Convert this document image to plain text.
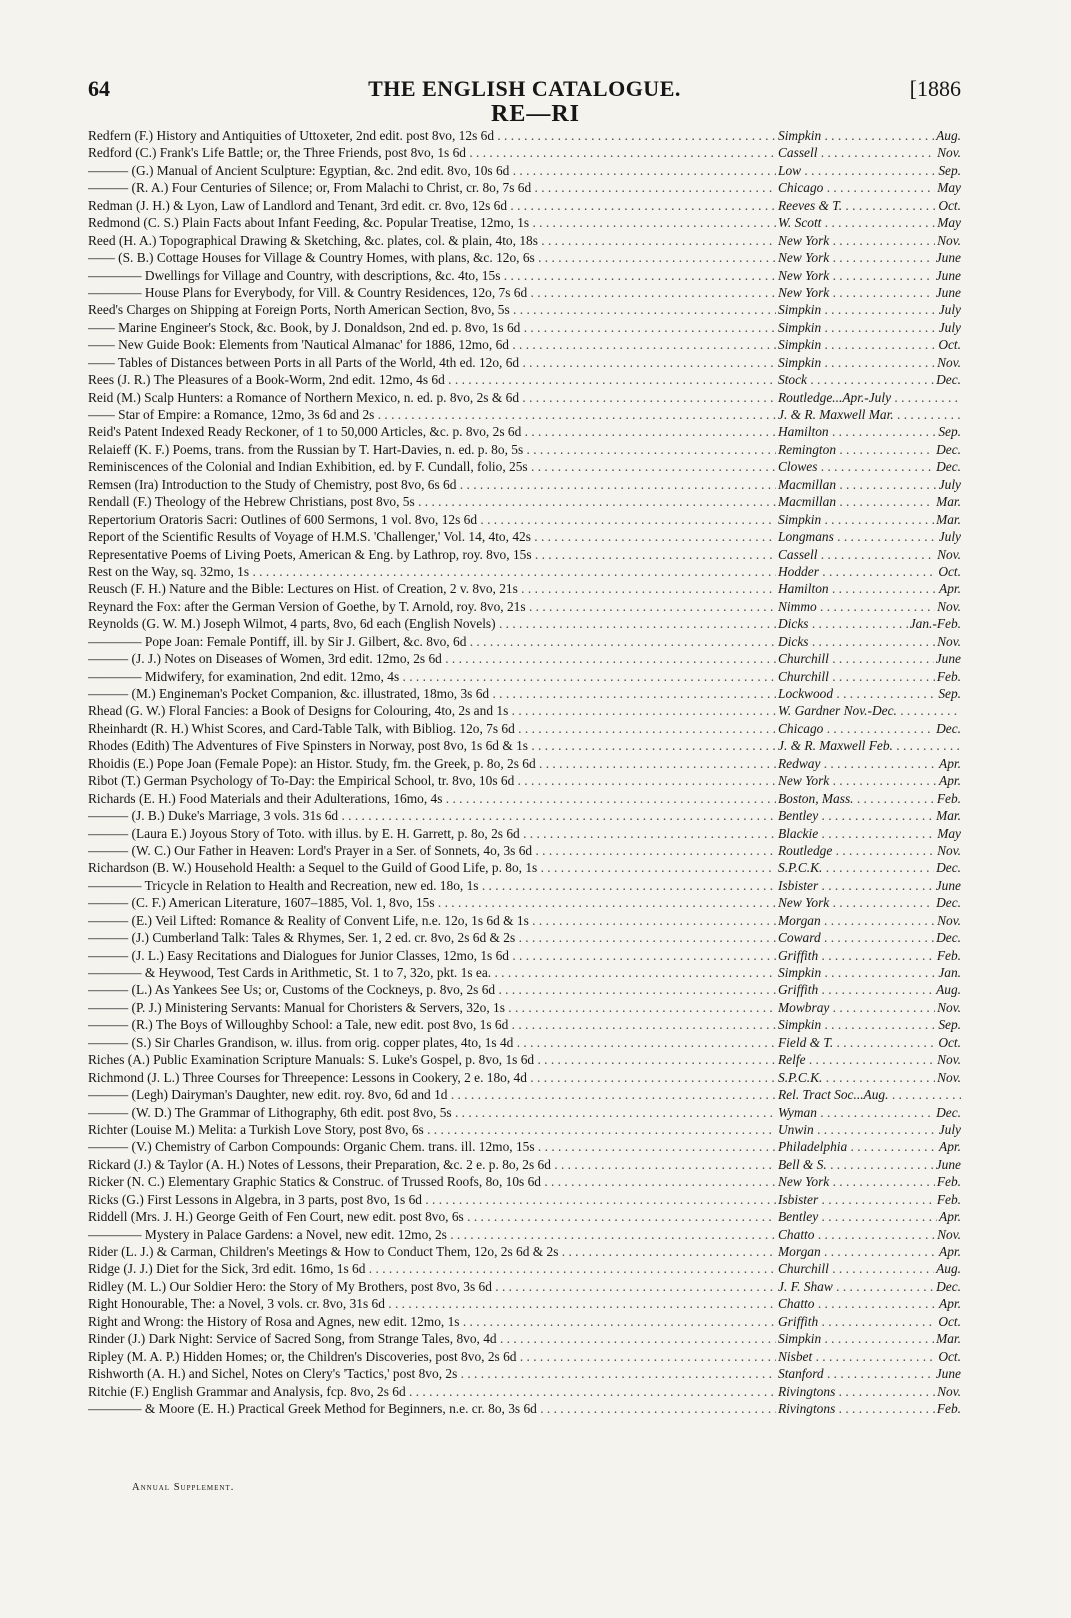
64	THE ENGLISH CATALOGUE.	[1886
RE—RI
Redfern (F.) History and Antiquities of Uttoxeter, 2nd edit. post 8vo, 12s 6d . . .	Simpkin . . .	Aug.
Redford (C.) Frank's Life Battle; or, the Three Friends, post 8vo, 1s 6d . . .	Cassell . . .	Nov.
——— (G.) Manual of Ancient Sculpture: Egyptian, &c. 2nd edit. 8vo, 10s 6d . . .	Low . . .	Sep.
——— (R. A.) Four Centuries of Silence; or, From Malachi to Christ, cr. 8o, 7s 6d . . .	Chicago . . .	May
Redman (J. H.) & Lyon, Law of Landlord and Tenant, 3rd edit. cr. 8vo, 12s 6d . . .	Reeves & T. . . .	Oct.
Redmond (C. S.) Plain Facts about Infant Feeding, &c. Popular Treatise, 12mo, 1s . . .	W. Scott . . .	May
Reed (H. A.) Topographical Drawing & Sketching, &c. plates, col. & plain, 4to, 18s . . .	New York . . .	Nov.
—— (S. B.) Cottage Houses for Village & Country Homes, with plans, &c. 12o, 6s . . .	New York . . .	June
———— Dwellings for Village and Country, with descriptions, &c. 4to, 15s . . .	New York . . .	June
———— House Plans for Everybody, for Vill. & Country Residences, 12o, 7s 6d . . .	New York . . .	June
Reed's Charges on Shipping at Foreign Ports, North American Section, 8vo, 5s . . .	Simpkin . . .	July
—— Marine Engineer's Stock, &c. Book, by J. Donaldson, 2nd ed. p. 8vo, 1s 6d . . .	Simpkin . . .	July
—— New Guide Book: Elements from 'Nautical Almanac' for 1886, 12mo, 6d . . .	Simpkin . . .	Oct.
—— Tables of Distances between Ports in all Parts of the World, 4th ed. 12o, 6d . . .	Simpkin . . .	Nov.
Rees (J. R.) The Pleasures of a Book-Worm, 2nd edit. 12mo, 4s 6d . . .	Stock . . .	Dec.
Reid (M.) Scalp Hunters: a Romance of Northern Mexico, n. ed. p. 8vo, 2s & 6d . . .	Routledge...Apr.-July . . .
—— Star of Empire: a Romance, 12mo, 3s 6d and 2s . . .	J. & R. Maxwell Mar. . . .
Reid's Patent Indexed Ready Reckoner, of 1 to 50,000 Articles, &c. p. 8vo, 2s 6d . . .	Hamilton . . .	Sep.
Relaieff (K. F.) Poems, trans. from the Russian by T. Hart-Davies, n. ed. p. 8o, 5s . . .	Remington . . .	Dec.
Reminiscences of the Colonial and Indian Exhibition, ed. by F. Cundall, folio, 25s . . .	Clowes . . .	Dec.
Remsen (Ira) Introduction to the Study of Chemistry, post 8vo, 6s 6d . . .	Macmillan . . .	July
Rendall (F.) Theology of the Hebrew Christians, post 8vo, 5s . . .	Macmillan . . .	Mar.
Repertorium Oratoris Sacri: Outlines of 600 Sermons, 1 vol. 8vo, 12s 6d . . .	Simpkin . . .	Mar.
Report of the Scientific Results of Voyage of H.M.S. 'Challenger,' Vol. 14, 4to, 42s . . .	Longmans . . .	July
Representative Poems of Living Poets, American & Eng. by Lathrop, roy. 8vo, 15s . . .	Cassell . . .	Nov.
Rest on the Way, sq. 32mo, 1s . . .	Hodder . . .	Oct.
Reusch (F. H.) Nature and the Bible: Lectures on Hist. of Creation, 2 v. 8vo, 21s . . .	Hamilton . . .	Apr.
Reynard the Fox: after the German Version of Goethe, by T. Arnold, roy. 8vo, 21s . . .	Nimmo . . .	Nov.
Reynolds (G. W. M.) Joseph Wilmot, 4 parts, 8vo, 6d each (English Novels) . . .	Dicks . . .	Jan.-Feb.
———— Pope Joan: Female Pontiff, ill. by Sir J. Gilbert, &c. 8vo, 6d . . .	Dicks . . .	Nov.
——— (J. J.) Notes on Diseases of Women, 3rd edit. 12mo, 2s 6d . . .	Churchill . . .	June
———— Midwifery, for examination, 2nd edit. 12mo, 4s . . .	Churchill . . .	Feb.
——— (M.) Engineman's Pocket Companion, &c. illustrated, 18mo, 3s 6d . . .	Lockwood . . .	Sep.
Rhead (G. W.) Floral Fancies: a Book of Designs for Colouring, 4to, 2s and 1s . . .	W. Gardner Nov.-Dec. . . .
Rheinhardt (R. H.) Whist Scores, and Card-Table Talk, with Bibliog. 12o, 7s 6d . . .	Chicago . . .	Dec.
Rhodes (Edith) The Adventures of Five Spinsters in Norway, post 8vo, 1s 6d & 1s . . .	J. & R. Maxwell Feb. . . .
Rhoidis (E.) Pope Joan (Female Pope): an Histor. Study, fm. the Greek, p. 8o, 2s 6d . . .	Redway . . .	Apr.
Ribot (T.) German Psychology of To-Day: the Empirical School, tr. 8vo, 10s 6d . . .	New York . . .	Apr.
Richards (E. H.) Food Materials and their Adulterations, 16mo, 4s . . .	Boston, Mass. . . .	Feb.
——— (J. B.) Duke's Marriage, 3 vols. 31s 6d . . .	Bentley . . .	Mar.
——— (Laura E.) Joyous Story of Toto. with illus. by E. H. Garrett, p. 8o, 2s 6d . . .	Blackie . . .	May
——— (W. C.) Our Father in Heaven: Lord's Prayer in a Ser. of Sonnets, 4o, 3s 6d . . .	Routledge . . .	Nov.
Richardson (B. W.) Household Health: a Sequel to the Guild of Good Life, p. 8o, 1s . . .	S.P.C.K. . . .	Dec.
———— Tricycle in Relation to Health and Recreation, new ed. 18o, 1s . . .	Isbister . . .	June
——— (C. F.) American Literature, 1607–1885, Vol. 1, 8vo, 15s . . .	New York . . .	Dec.
——— (E.) Veil Lifted: Romance & Reality of Convent Life, n.e. 12o, 1s 6d & 1s . . .	Morgan . . .	Nov.
——— (J.) Cumberland Talk: Tales & Rhymes, Ser. 1, 2 ed. cr. 8vo, 2s 6d & 2s . . .	Coward . . .	Dec.
——— (J. L.) Easy Recitations and Dialogues for Junior Classes, 12mo, 1s 6d . . .	Griffith . . .	Feb.
———— & Heywood, Test Cards in Arithmetic, St. 1 to 7, 32o, pkt. 1s ea. . . .	Simpkin . . .	Jan.
——— (L.) As Yankees See Us; or, Customs of the Cockneys, p. 8vo, 2s 6d . . .	Griffith . . .	Aug.
——— (P. J.) Ministering Servants: Manual for Choristers & Servers, 32o, 1s . . .	Mowbray . . .	Nov.
——— (R.) The Boys of Willoughby School: a Tale, new edit. post 8vo, 1s 6d . . .	Simpkin . . .	Sep.
——— (S.) Sir Charles Grandison, w. illus. from orig. copper plates, 4to, 1s 4d . . .	Field & T. . . .	Oct.
Riches (A.) Public Examination Scripture Manuals: S. Luke's Gospel, p. 8vo, 1s 6d . . .	Relfe . . .	Nov.
Richmond (J. L.) Three Courses for Threepence: Lessons in Cookery, 2 e. 18o, 4d . . .	S.P.C.K. . . .	Nov.
——— (Legh) Dairyman's Daughter, new edit. roy. 8vo, 6d and 1d . . .	Rel. Tract Soc...Aug. . . .
——— (W. D.) The Grammar of Lithography, 6th edit. post 8vo, 5s . . .	Wyman . . .	Dec.
Richter (Louise M.) Melita: a Turkish Love Story, post 8vo, 6s . . .	Unwin . . .	July
——— (V.) Chemistry of Carbon Compounds: Organic Chem. trans. ill. 12mo, 15s . . .	Philadelphia . . .	Apr.
Rickard (J.) & Taylor (A. H.) Notes of Lessons, their Preparation, &c. 2 e. p. 8o, 2s 6d . . .	Bell & S. . . .	June
Ricker (N. C.) Elementary Graphic Statics & Construc. of Trussed Roofs, 8o, 10s 6d . . .	New York . . .	Feb.
Ricks (G.) First Lessons in Algebra, in 3 parts, post 8vo, 1s 6d . . .	Isbister . . .	Feb.
Riddell (Mrs. J. H.) George Geith of Fen Court, new edit. post 8vo, 6s . . .	Bentley . . .	Apr.
———— Mystery in Palace Gardens: a Novel, new edit. 12mo, 2s . . .	Chatto . . .	Nov.
Rider (L. J.) & Carman, Children's Meetings & How to Conduct Them, 12o, 2s 6d & 2s . . .	Morgan . . .	Apr.
Ridge (J. J.) Diet for the Sick, 3rd edit. 16mo, 1s 6d . . .	Churchill . . .	Aug.
Ridley (M. L.) Our Soldier Hero: the Story of My Brothers, post 8vo, 3s 6d . . .	J. F. Shaw . . .	Dec.
Right Honourable, The: a Novel, 3 vols. cr. 8vo, 31s 6d . . .	Chatto . . .	Apr.
Right and Wrong: the History of Rosa and Agnes, new edit. 12mo, 1s . . .	Griffith . . .	Oct.
Rinder (J.) Dark Night: Service of Sacred Song, from Strange Tales, 8vo, 4d . . .	Simpkin . . .	Mar.
Ripley (M. A. P.) Hidden Homes; or, the Children's Discoveries, post 8vo, 2s 6d . . .	Nisbet . . .	Oct.
Rishworth (A. H.) and Sichel, Notes on Clery's 'Tactics,' post 8vo, 2s . . .	Stanford . . .	June
Ritchie (F.) English Grammar and Analysis, fcp. 8vo, 2s 6d . . .	Rivingtons . . .	Nov.
———— & Moore (E. H.) Practical Greek Method for Beginners, n.e. cr. 8o, 3s 6d . . .	Rivingtons . . .	Feb.
Annual Supplement.
